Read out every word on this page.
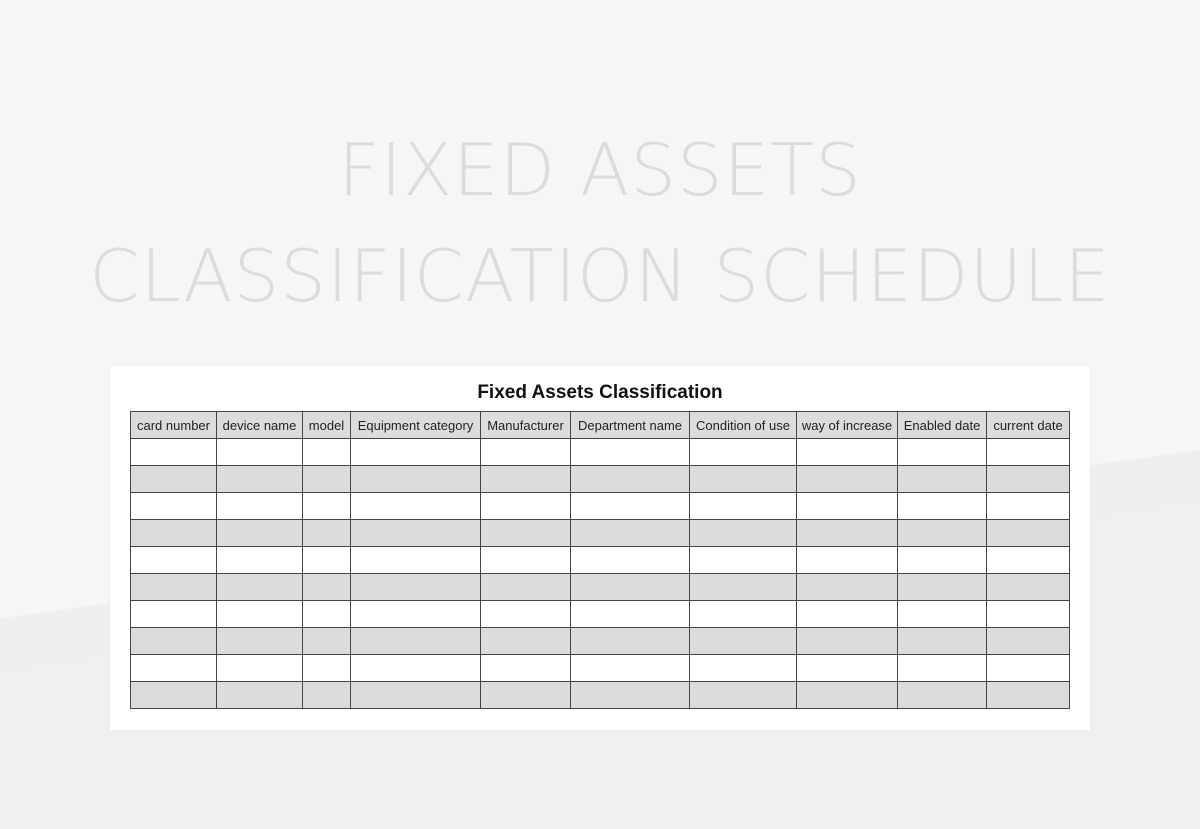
FIXED ASSETS
CLASSIFICATION SCHEDULE
Fixed Assets Classification
card number	device name	model	Equipment category	Manufacturer	Department name	Condition of use	way of increase	Enabled date	current date
